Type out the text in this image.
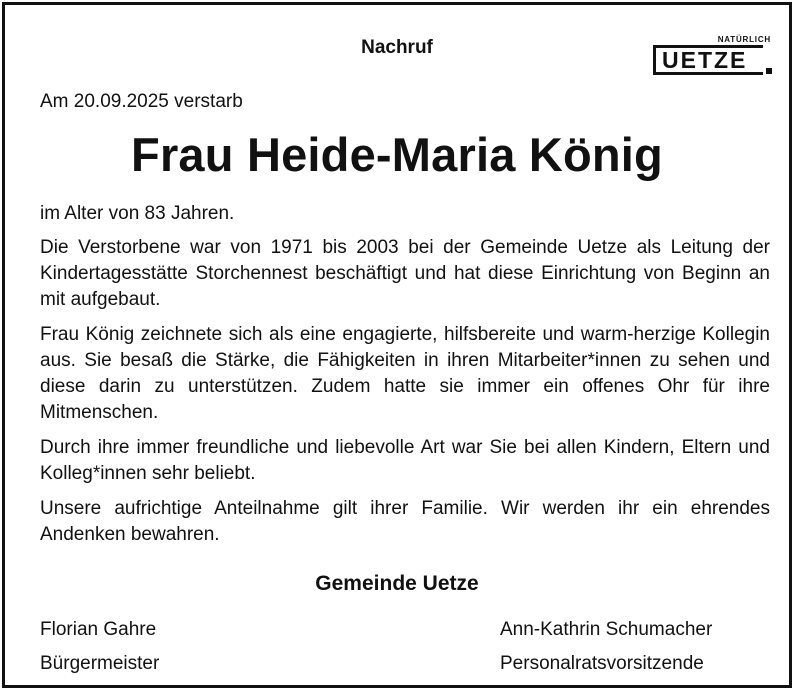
Nachruf	NATÜRLICH
UETZE
Am 20.09.2025 verstarb
Frau Heide-Maria König
im Alter von 83 Jahren.

Die Verstorbene war von 1971 bis 2003 bei der Gemeinde Uetze als Leitung der Kindertagesstätte Storchennest beschäftigt und hat diese Einrichtung von Beginn an mit aufgebaut.

Frau König zeichnete sich als eine engagierte, hilfsbereite und warm-herzige Kollegin aus. Sie besaß die Stärke, die Fähigkeiten in ihren Mitarbeiter*innen zu sehen und diese darin zu unterstützen. Zudem hatte sie immer ein offenes Ohr für ihre Mitmenschen.

Durch ihre immer freundliche und liebevolle Art war Sie bei allen Kindern, Eltern und Kolleg*innen sehr beliebt.

Unsere aufrichtige Anteilnahme gilt ihrer Familie. Wir werden ihr ein ehrendes Andenken bewahren.

Gemeinde Uetze
Florian Gahre
Bürgermeister
Ann-Kathrin Schumacher
Personalratsvorsitzende
